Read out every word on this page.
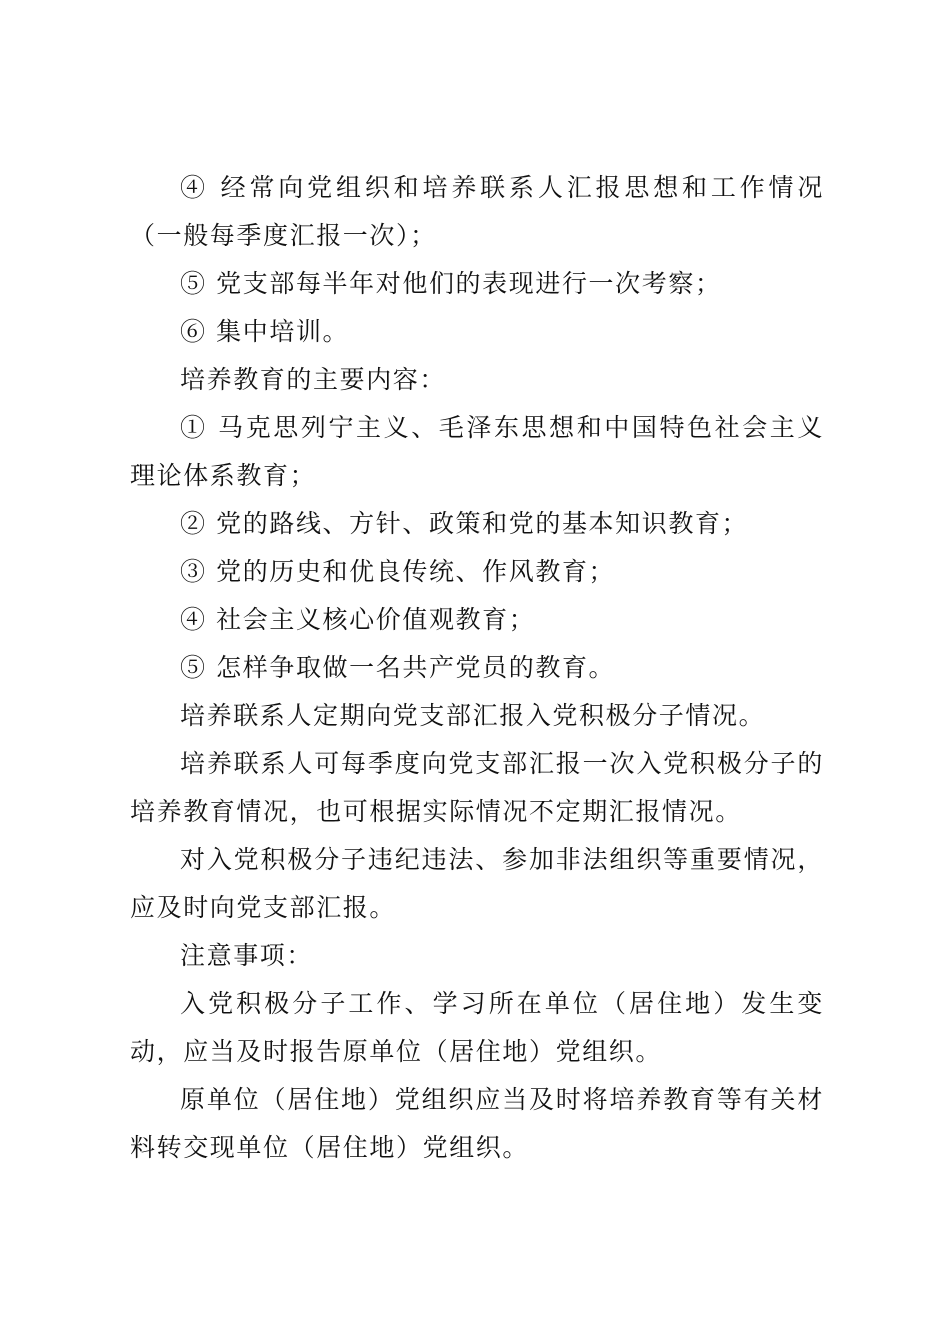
④ 经常向党组织和培养联系人汇报思想和工作情况（一般每季度汇报一次）；

⑤ 党支部每半年对他们的表现进行一次考察；

⑥ 集中培训。

培养教育的主要内容：

① 马克思列宁主义、毛泽东思想和中国特色社会主义理论体系教育；

② 党的路线、方针、政策和党的基本知识教育；

③ 党的历史和优良传统、作风教育；

④ 社会主义核心价值观教育；

⑤ 怎样争取做一名共产党员的教育。

培养联系人定期向党支部汇报入党积极分子情况。

培养联系人可每季度向党支部汇报一次入党积极分子的培养教育情况，也可根据实际情况不定期汇报情况。

对入党积极分子违纪违法、参加非法组织等重要情况，应及时向党支部汇报。

注意事项：

入党积极分子工作、学习所在单位（居住地）发生变动，应当及时报告原单位（居住地）党组织。

原单位（居住地）党组织应当及时将培养教育等有关材料转交现单位（居住地）党组织。
